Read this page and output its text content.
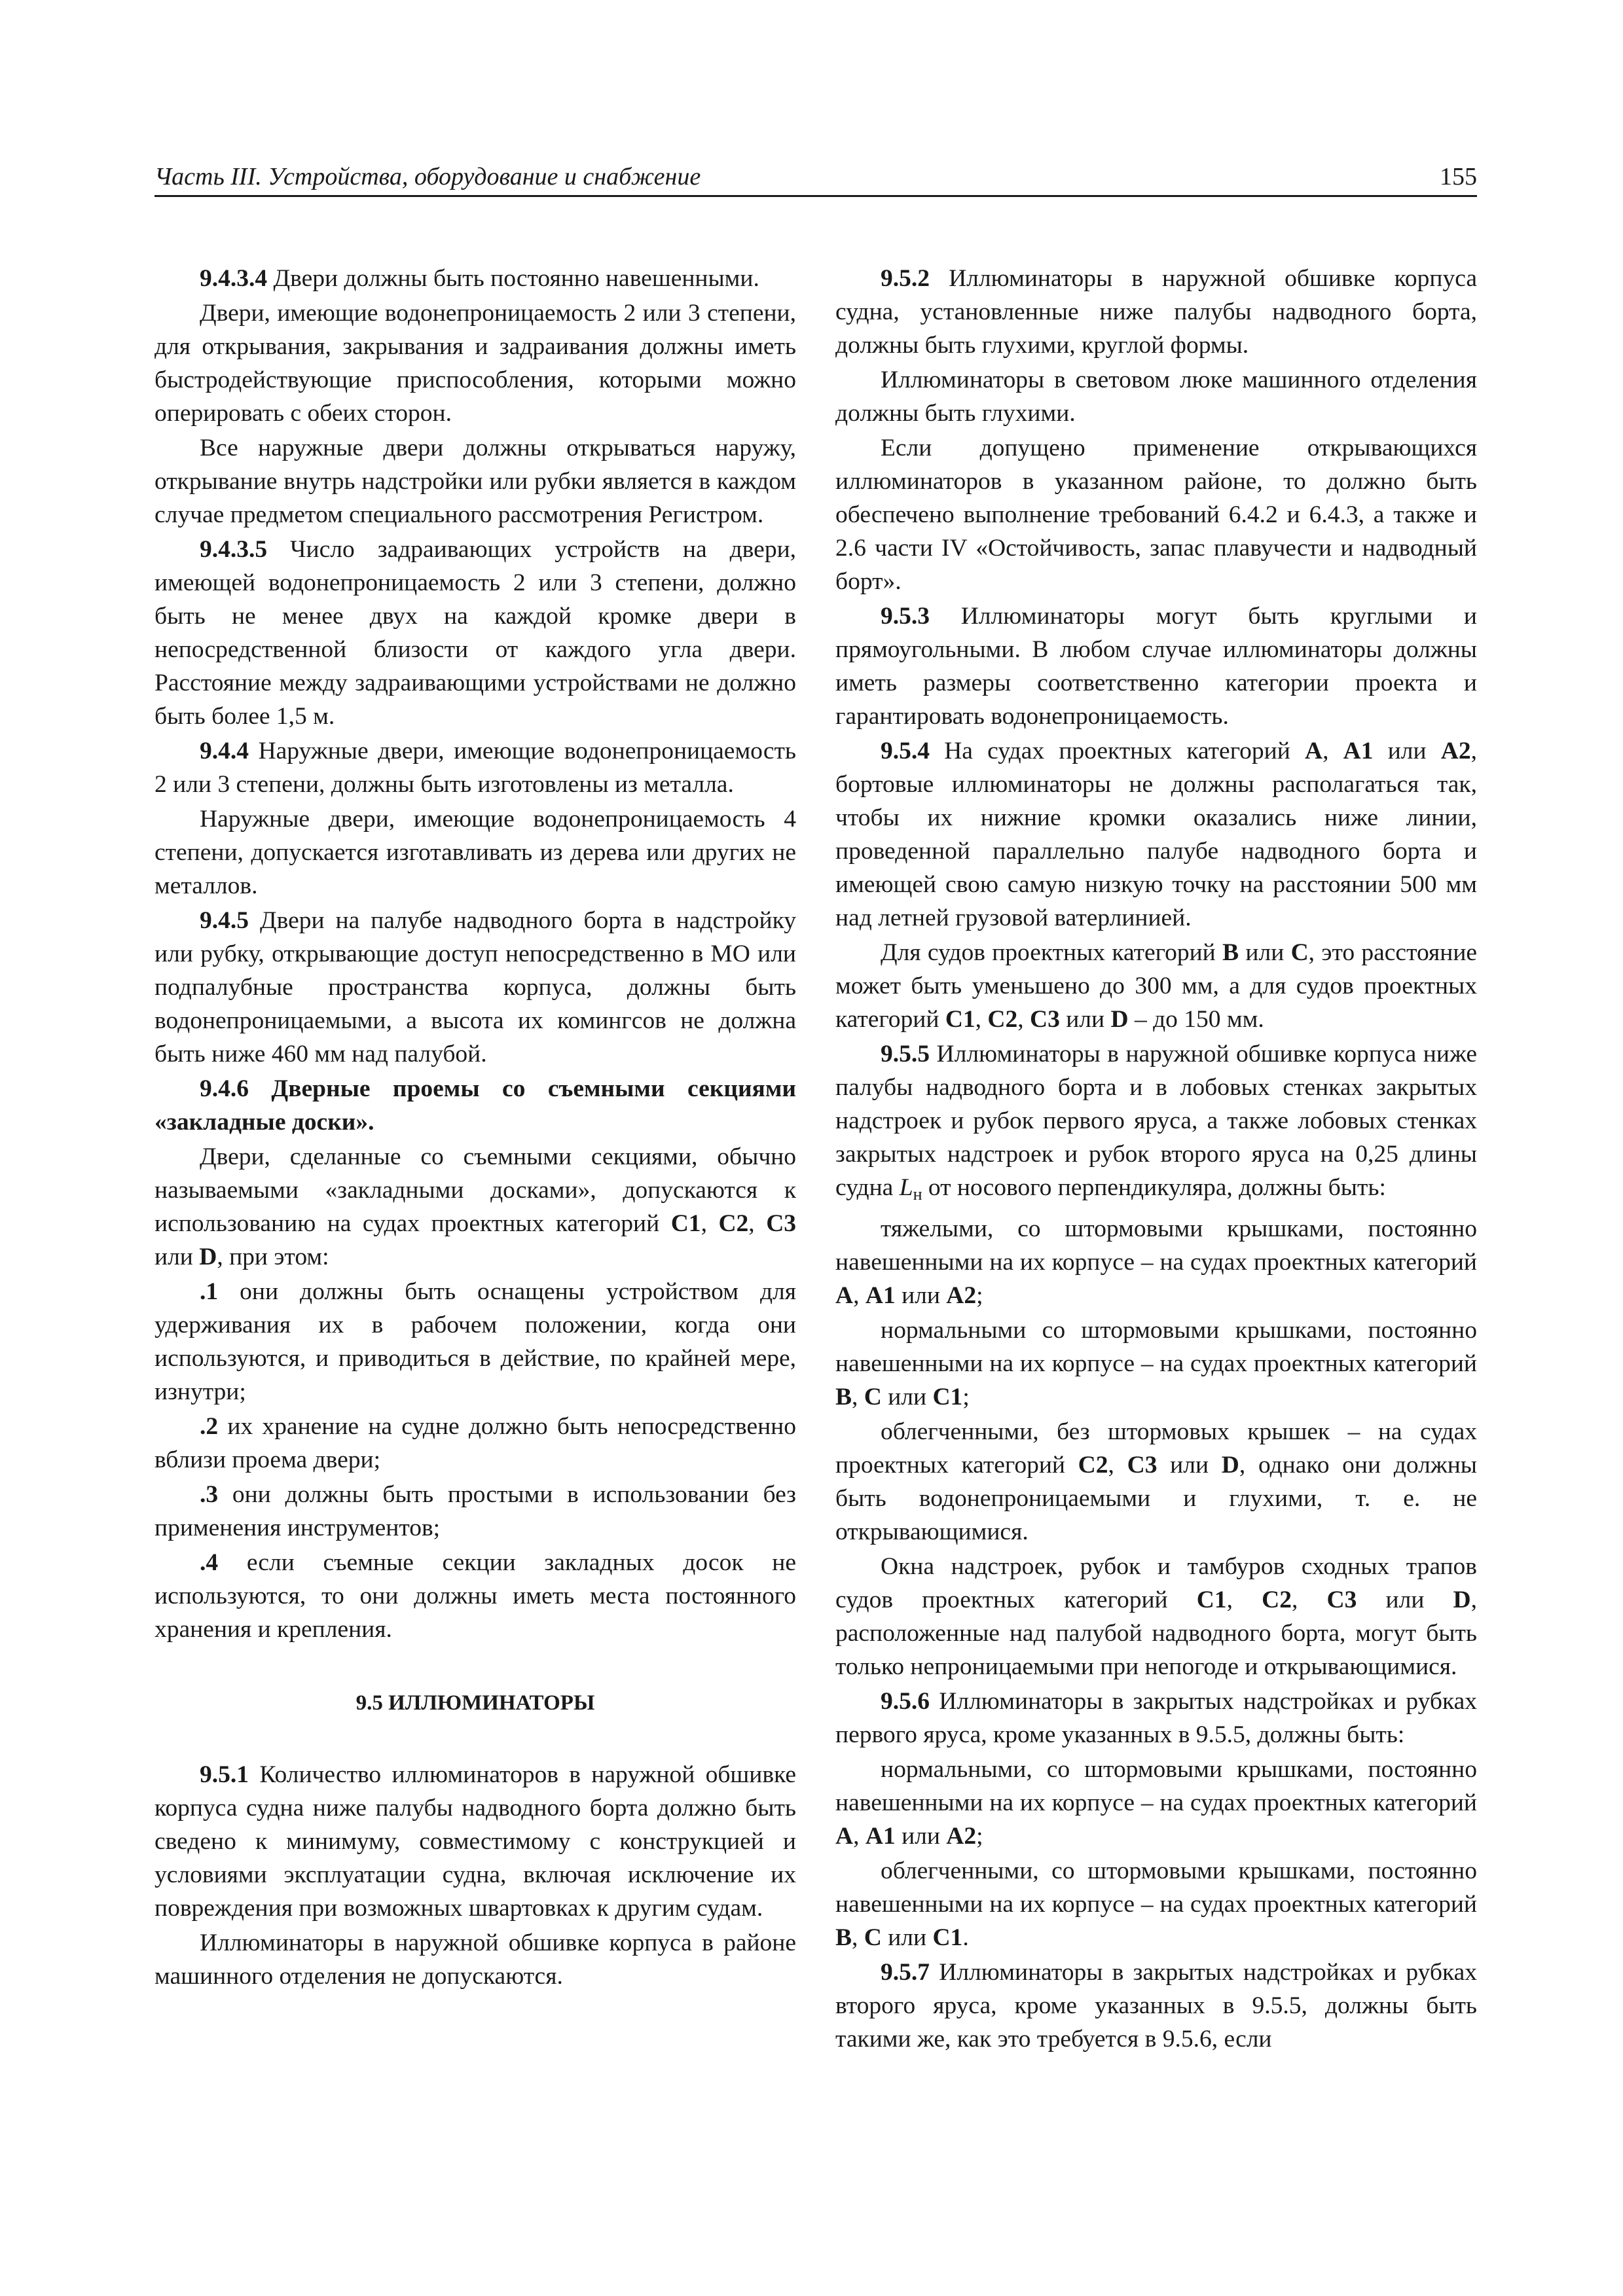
Часть III. Устройства, оборудование и снабжение	155

9.4.3.4 Двери должны быть постоянно навешенными.

Двери, имеющие водонепроницаемость 2 или 3 степени, для открывания, закрывания и задраивания должны иметь быстродействующие приспособления, которыми можно оперировать с обеих сторон.

Все наружные двери должны открываться наружу, открывание внутрь надстройки или рубки является в каждом случае предметом специального рассмотрения Регистром.

9.4.3.5 Число задраивающих устройств на двери, имеющей водонепроницаемость 2 или 3 степени, должно быть не менее двух на каждой кромке двери в непосредственной близости от каждого угла двери. Расстояние между задраивающими устройствами не должно быть более 1,5 м.

9.4.4 Наружные двери, имеющие водонепроницаемость 2 или 3 степени, должны быть изготовлены из металла.

Наружные двери, имеющие водонепроницаемость 4 степени, допускается изготавливать из дерева или других не металлов.

9.4.5 Двери на палубе надводного борта в надстройку или рубку, открывающие доступ непосредственно в МО или подпалубные пространства корпуса, должны быть водонепроницаемыми, а высота их комингсов не должна быть ниже 460 мм над палубой.

9.4.6 Дверные проемы со съемными секциями «закладные доски».

Двери, сделанные со съемными секциями, обычно называемыми «закладными досками», допускаются к использованию на судах проектных категорий C1, C2, C3 или D, при этом:

.1 они должны быть оснащены устройством для удерживания их в рабочем положении, когда они используются, и приводиться в действие, по крайней мере, изнутри;

.2 их хранение на судне должно быть непосредственно вблизи проема двери;

.3 они должны быть простыми в использовании без применения инструментов;

.4 если съемные секции закладных досок не используются, то они должны иметь места постоянного хранения и крепления.

9.5 ИЛЛЮМИНАТОРЫ

9.5.1 Количество иллюминаторов в наружной обшивке корпуса судна ниже палубы надводного борта должно быть сведено к минимуму, совместимому с конструкцией и условиями эксплуатации судна, включая исключение их повреждения при возможных швартовках к другим судам.

Иллюминаторы в наружной обшивке корпуса в районе машинного отделения не допускаются.

9.5.2 Иллюминаторы в наружной обшивке корпуса судна, установленные ниже палубы надводного борта, должны быть глухими, круглой формы.

Иллюминаторы в световом люке машинного отделения должны быть глухими.

Если допущено применение открывающихся иллюминаторов в указанном районе, то должно быть обеспечено выполнение требований 6.4.2 и 6.4.3, а также и 2.6 части IV «Остойчивость, запас плавучести и надводный борт».

9.5.3 Иллюминаторы могут быть круглыми и прямоугольными. В любом случае иллюминаторы должны иметь размеры соответственно категории проекта и гарантировать водонепроницаемость.

9.5.4 На судах проектных категорий A, A1 или A2, бортовые иллюминаторы не должны располагаться так, чтобы их нижние кромки оказались ниже линии, проведенной параллельно палубе надводного борта и имеющей свою самую низкую точку на расстоянии 500 мм над летней грузовой ватерлинией.

Для судов проектных категорий B или C, это расстояние может быть уменьшено до 300 мм, а для судов проектных категорий C1, C2, C3 или D – до 150 мм.

9.5.5 Иллюминаторы в наружной обшивке корпуса ниже палубы надводного борта и в лобовых стенках закрытых надстроек и рубок первого яруса, а также лобовых стенках закрытых надстроек и рубок второго яруса на 0,25 длины судна $L_н$ от носового перпендикуляра, должны быть:

тяжелыми, со штормовыми крышками, постоянно навешенными на их корпусе – на судах проектных категорий A, A1 или A2;

нормальными со штормовыми крышками, постоянно навешенными на их корпусе – на судах проектных категорий B, C или C1;

облегченными, без штормовых крышек – на судах проектных категорий C2, C3 или D, однако они должны быть водонепроницаемыми и глухими, т. е. не открывающимися.

Окна надстроек, рубок и тамбуров сходных трапов судов проектных категорий C1, C2, C3 или D, расположенные над палубой надводного борта, могут быть только непроницаемыми при непогоде и открывающимися.

9.5.6 Иллюминаторы в закрытых надстройках и рубках первого яруса, кроме указанных в 9.5.5, должны быть:

нормальными, со штормовыми крышками, постоянно навешенными на их корпусе – на судах проектных категорий A, A1 или A2;

облегченными, со штормовыми крышками, постоянно навешенными на их корпусе – на судах проектных категорий B, C или C1.

9.5.7 Иллюминаторы в закрытых надстройках и рубках второго яруса, кроме указанных в 9.5.5, должны быть такими же, как это требуется в 9.5.6, если
